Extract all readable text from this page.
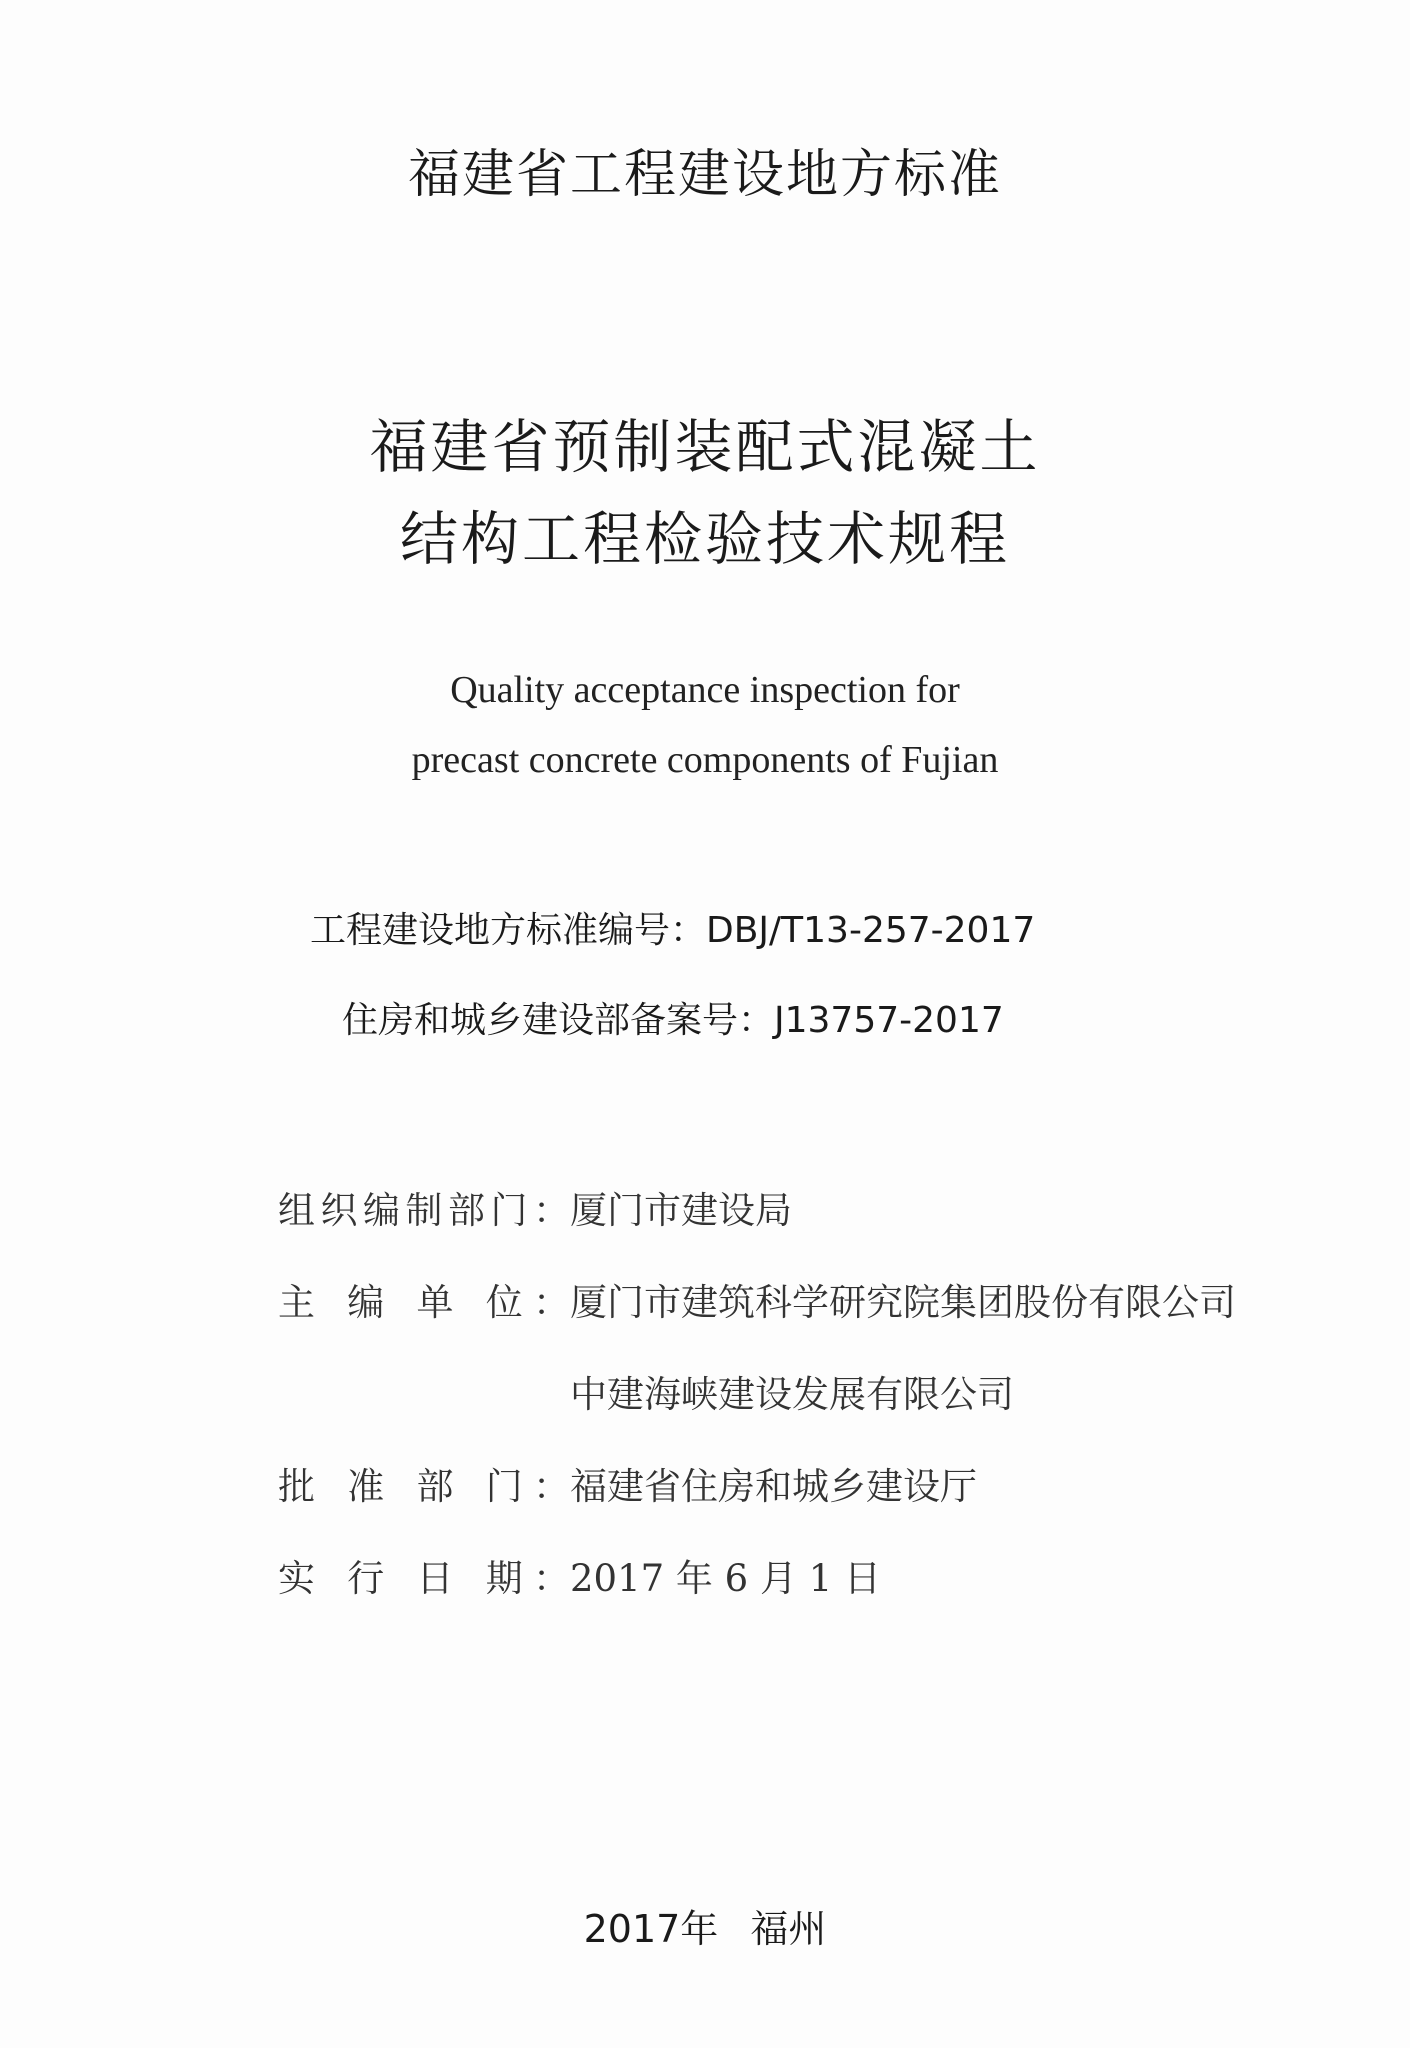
福建省工程建设地方标准
福建省预制装配式混凝土
结构工程检验技术规程
Quality acceptance inspection for
precast concrete components of Fujian
工程建设地方标准编号：DBJ/T13-257-2017
住房和城乡建设部备案号：J13757-2017
组织编制部门：厦门市建设局
主 编 单 位：厦门市建筑科学研究院集团股份有限公司
中建海峡建设发展有限公司
批 准 部 门：福建省住房和城乡建设厅
实 行 日 期：2017 年 6 月 1 日
2017年 福州
